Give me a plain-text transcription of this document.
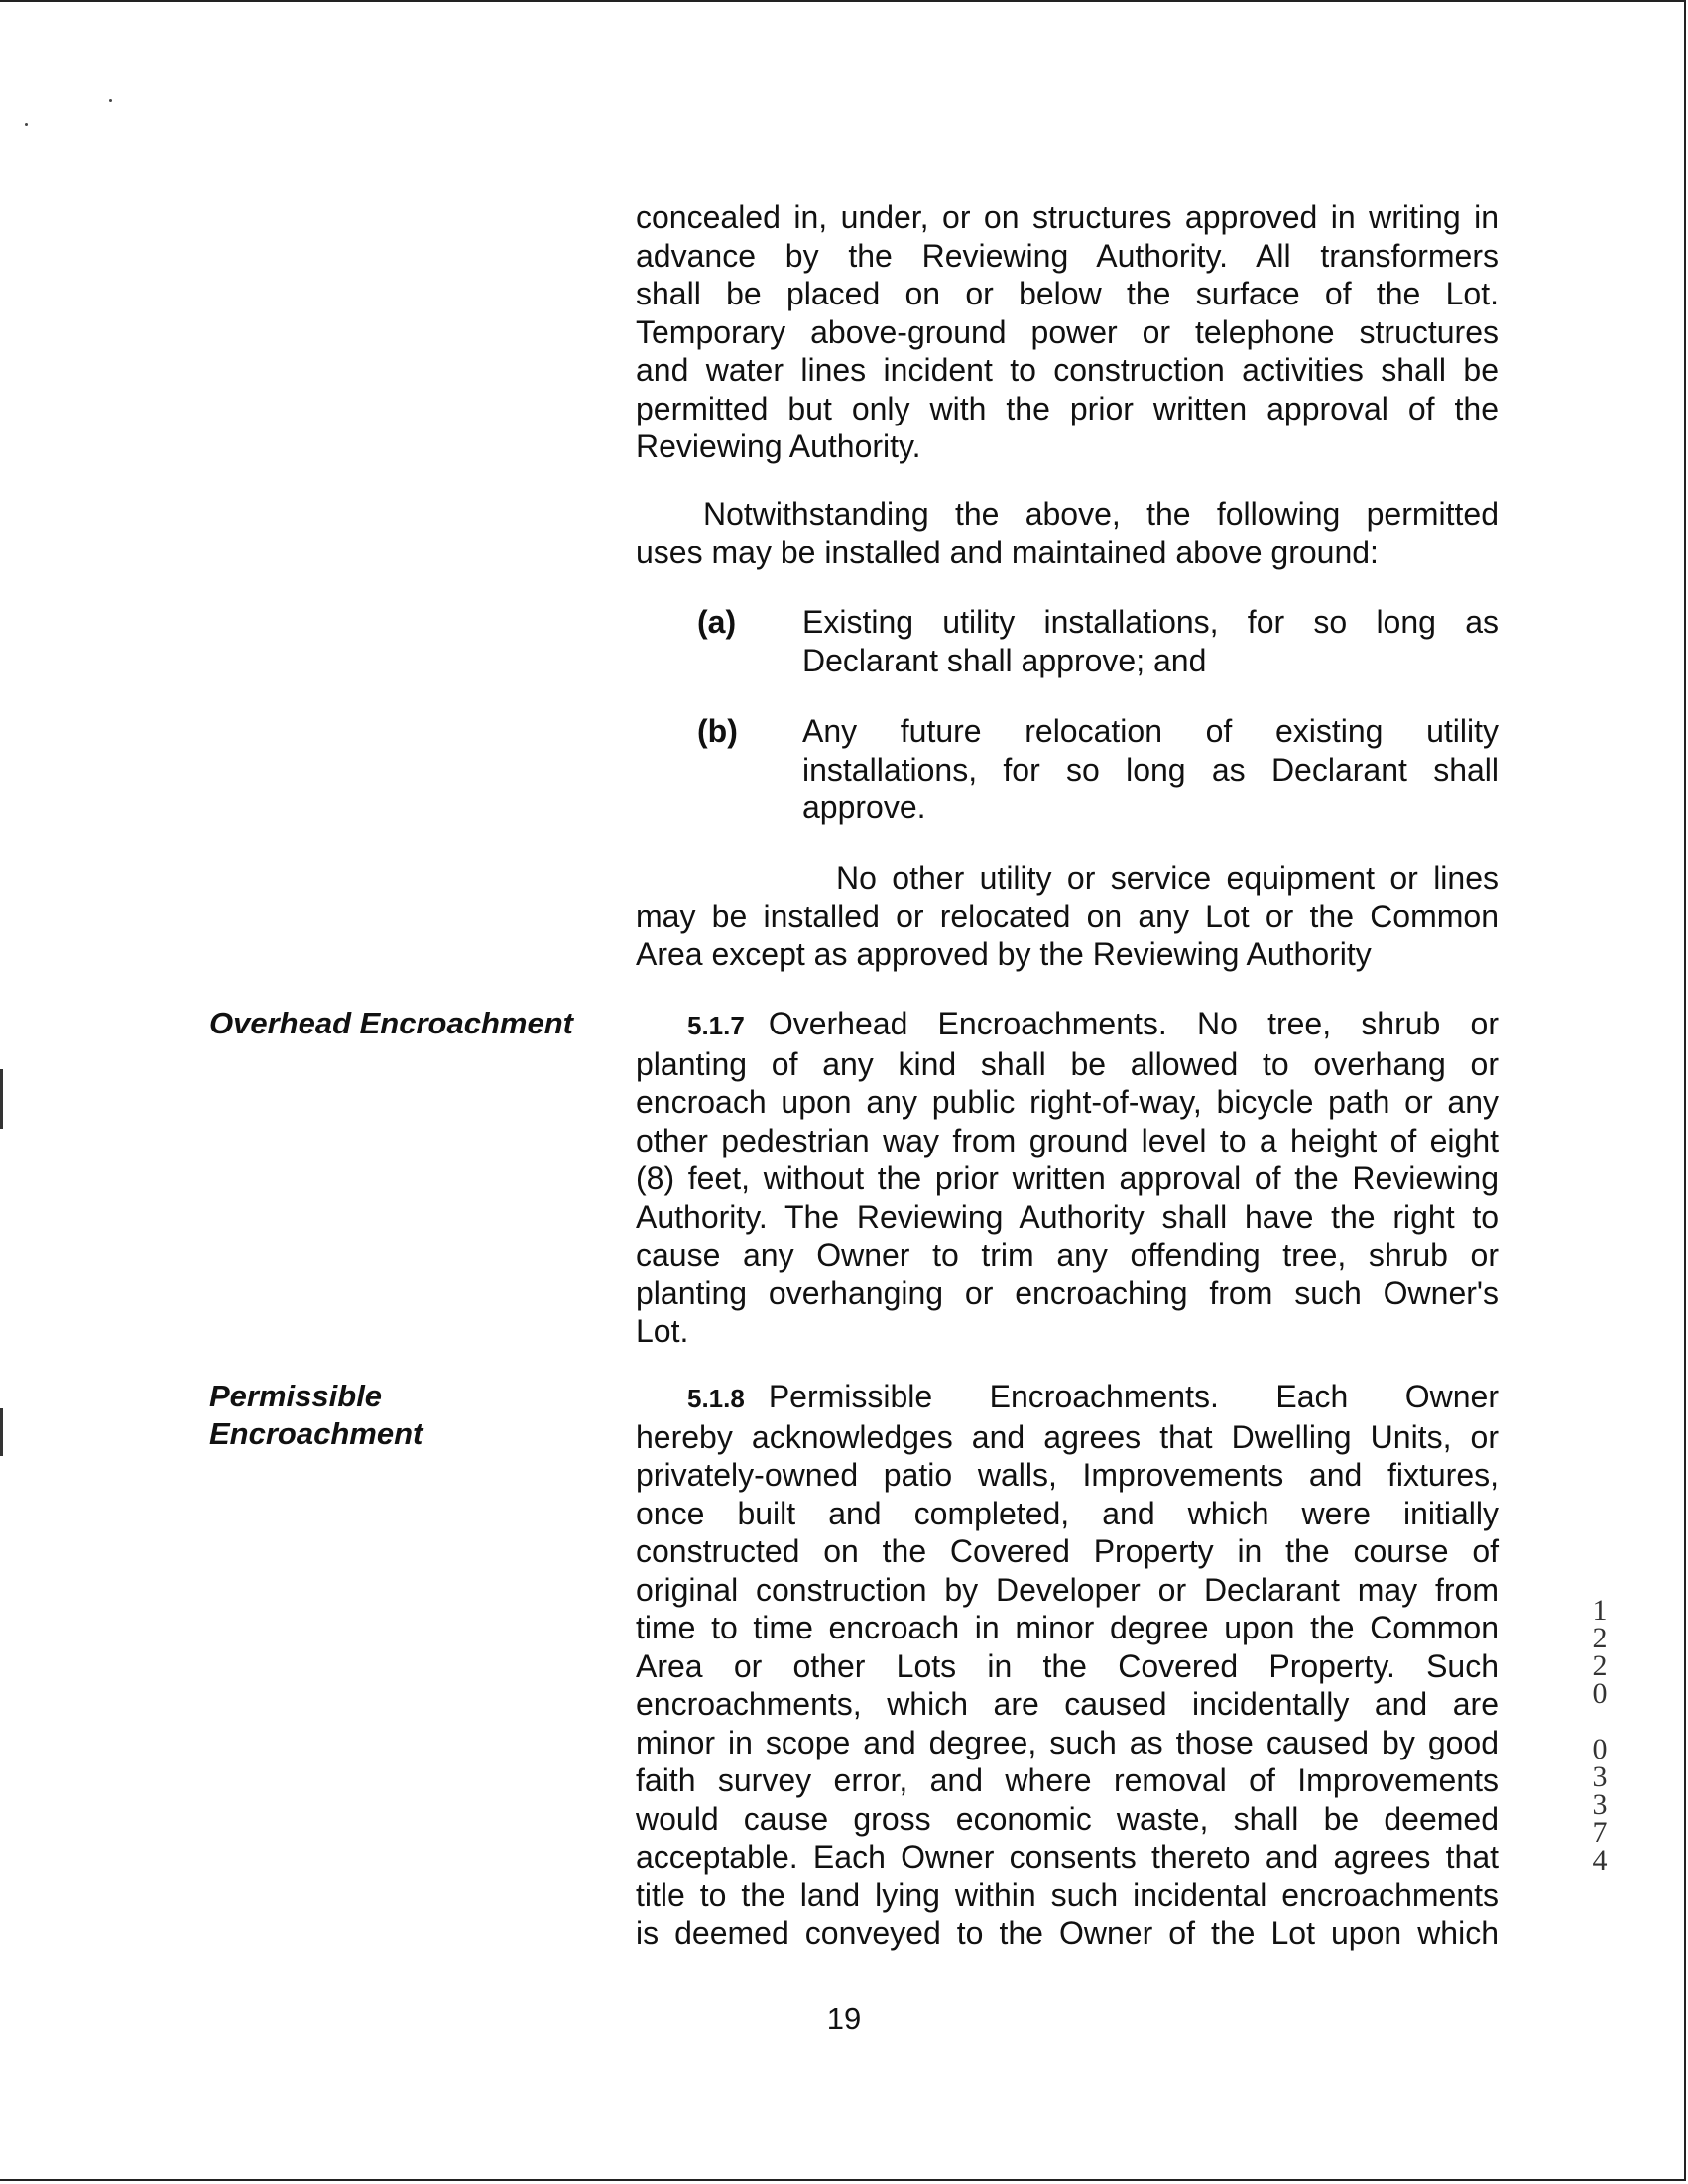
concealed in, under, or on structures approved in writing in
advance by the Reviewing Authority. All transformers
shall be placed on or below the surface of the Lot.
Temporary above-ground power or telephone structures
and water lines incident to construction activities shall be
permitted but only with the prior written approval of the
Reviewing Authority.

Notwithstanding the above, the following permitted
uses may be installed and maintained above ground:

(a) Existing utility installations, for so long as
Declarant shall approve; and
(b) Any future relocation of existing utility
installations, for so long as Declarant shall
approve.

No other utility or service equipment or lines
may be installed or relocated on any Lot or the Common
Area except as approved by the Reviewing Authority

Overhead Encroachment	5.1.7 Overhead Encroachments. No tree, shrub or
planting of any kind shall be allowed to overhang or
encroach upon any public right-of-way, bicycle path or any
other pedestrian way from ground level to a height of eight
(8) feet, without the prior written approval of the Reviewing
Authority. The Reviewing Authority shall have the right to
cause any Owner to trim any offending tree, shrub or
planting overhanging or encroaching from such Owner's
Lot.

Permissible
Encroachment

5.1.8 Permissible Encroachments. Each Owner
hereby acknowledges and agrees that Dwelling Units, or
privately-owned patio walls, Improvements and fixtures,
once built and completed, and which were initially
constructed on the Covered Property in the course of
original construction by Developer or Declarant may from
time to time encroach in minor degree upon the Common
Area or other Lots in the Covered Property. Such
encroachments, which are caused incidentally and are
minor in scope and degree, such as those caused by good
faith survey error, and where removal of Improvements
would cause gross economic waste, shall be deemed
acceptable. Each Owner consents thereto and agrees that
title to the land lying within such incidental encroachments
is deemed conveyed to the Owner of the Lot upon which

19
1
2
2
0
0
3
3
7
4
